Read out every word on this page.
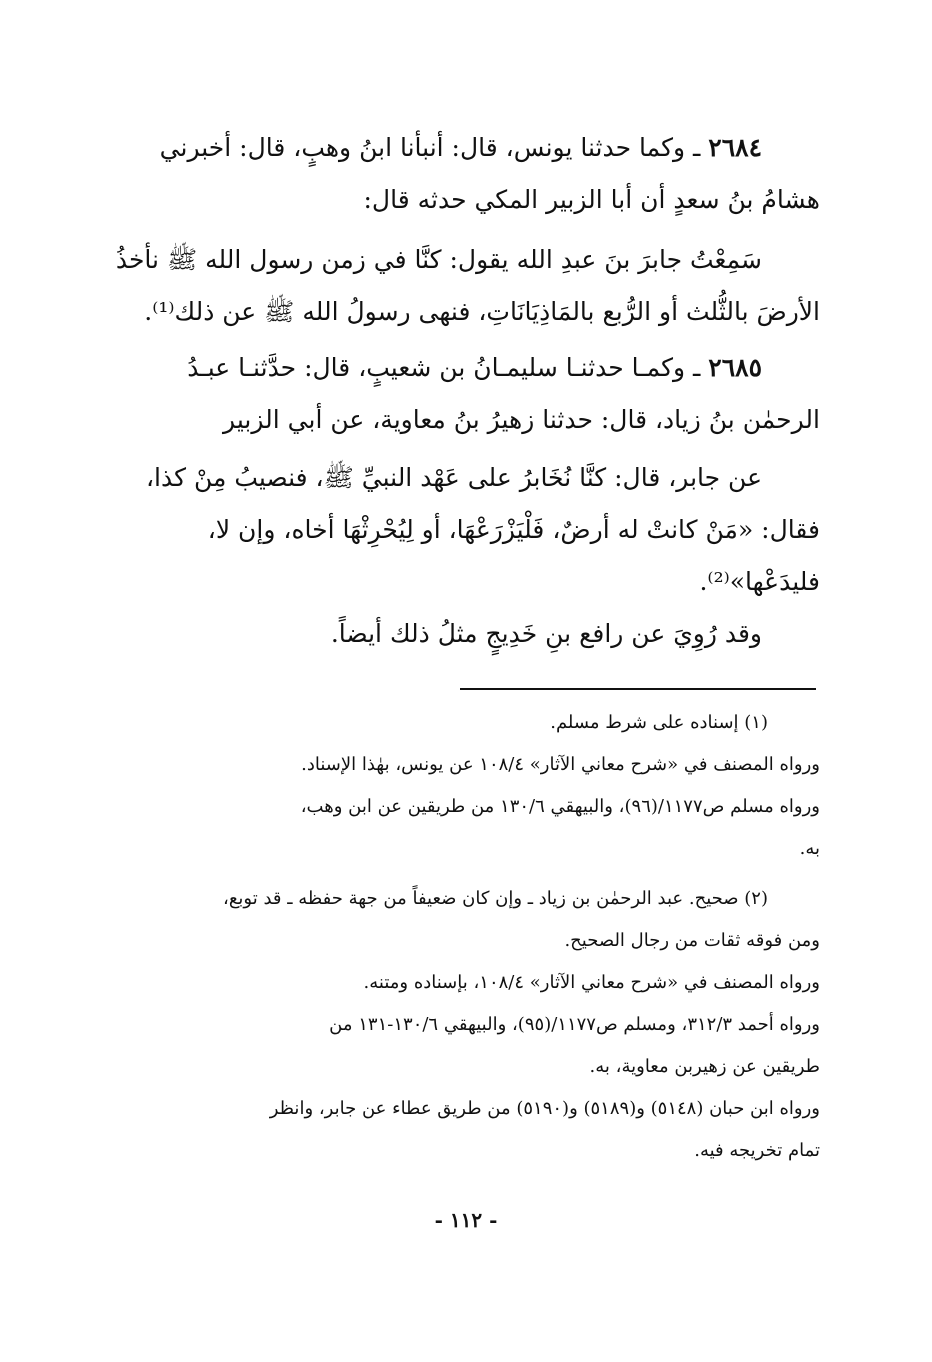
٢٦٨٤ ـ وكما حدثنا يونس، قال: أنبأنا ابنُ وهبٍ، قال: أخبرني
هشامُ بنُ سعدٍ أن أبا الزبير المكي حدثه قال:
سَمِعْتُ جابرَ بنَ عبدِ الله يقول: كنَّا في زمن رسول الله ﷺ نأخذُ
الأرضَ بالثُّلث أو الرُّبع بالمَاذِيَانَاتِ، فنهى رسولُ الله ﷺ عن ذلك⁽¹⁾.
٢٦٨٥ ـ وكمـا حدثنـا سليمـانُ بن شعيبٍ، قال: حدَّثنـا عبـدُ
الرحمٰن بنُ زياد، قال: حدثنا زهيرُ بنُ معاوية، عن أبي الزبير
عن جابر، قال: كنَّا نُخَابرُ على عَهْد النبيِّ ﷺ، فنصيبُ مِنْ كذا،
فقال: «مَنْ كانتْ له أرضٌ، فَلْيَزْرَعْهَا، أو لِيُحْرِثْهَا أخاه، وإن لا،
فليدَعْها»⁽²⁾.
وقد رُوِيَ عن رافع بنِ خَدِيجٍ مثلُ ذلك أيضاً.
(١) إسناده على شرط مسلم.
ورواه المصنف في «شرح معاني الآثار» ١٠٨/٤ عن يونس، بهٰذا الإسناد.
ورواه مسلم ص١١٧٧/(٩٦)، والبيهقي ١٣٠/٦ من طريقين عن ابن وهب،
به.
(٢) صحيح. عبد الرحمٰن بن زياد ـ وإن كان ضعيفاً من جهة حفظه ـ قد توبع،
ومن فوقه ثقات من رجال الصحيح.
ورواه المصنف في «شرح معاني الآثار» ١٠٨/٤، بإسناده ومتنه.
ورواه أحمد ٣١٢/٣، ومسلم ص١١٧٧/(٩٥)، والبيهقي ١٣٠/٦-١٣١ من
طريقين عن زهيربن معاوية، به.
ورواه ابن حبان (٥١٤٨) و(٥١٨٩) و(٥١٩٠) من طريق عطاء عن جابر، وانظر
تمام تخريجه فيه.
- ١١٢ -
